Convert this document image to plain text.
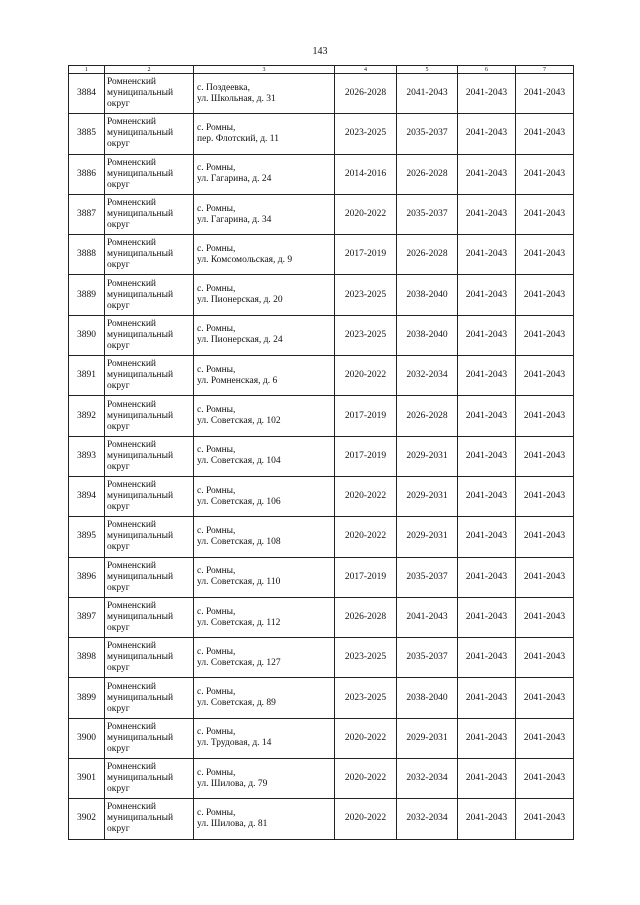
143
1	2	3	4	5	6	7
3884	Ромненский
муниципальный
округ	с. Поздеевка,
ул. Школьная, д. 31	2026-2028	2041-2043	2041-2043	2041-2043
3885	Ромненский
муниципальный
округ	с. Ромны,
пер. Флотский, д. 11	2023-2025	2035-2037	2041-2043	2041-2043
3886	Ромненский
муниципальный
округ	с. Ромны,
ул. Гагарина, д. 24	2014-2016	2026-2028	2041-2043	2041-2043
3887	Ромненский
муниципальный
округ	с. Ромны,
ул. Гагарина, д. 34	2020-2022	2035-2037	2041-2043	2041-2043
3888	Ромненский
муниципальный
округ	с. Ромны,
ул. Комсомольская, д. 9	2017-2019	2026-2028	2041-2043	2041-2043
3889	Ромненский
муниципальный
округ	с. Ромны,
ул. Пионерская, д. 20	2023-2025	2038-2040	2041-2043	2041-2043
3890	Ромненский
муниципальный
округ	с. Ромны,
ул. Пионерская, д. 24	2023-2025	2038-2040	2041-2043	2041-2043
3891	Ромненский
муниципальный
округ	с. Ромны,
ул. Ромненская, д. 6	2020-2022	2032-2034	2041-2043	2041-2043
3892	Ромненский
муниципальный
округ	с. Ромны,
ул. Советская, д. 102	2017-2019	2026-2028	2041-2043	2041-2043
3893	Ромненский
муниципальный
округ	с. Ромны,
ул. Советская, д. 104	2017-2019	2029-2031	2041-2043	2041-2043
3894	Ромненский
муниципальный
округ	с. Ромны,
ул. Советская, д. 106	2020-2022	2029-2031	2041-2043	2041-2043
3895	Ромненский
муниципальный
округ	с. Ромны,
ул. Советская, д. 108	2020-2022	2029-2031	2041-2043	2041-2043
3896	Ромненский
муниципальный
округ	с. Ромны,
ул. Советская, д. 110	2017-2019	2035-2037	2041-2043	2041-2043
3897	Ромненский
муниципальный
округ	с. Ромны,
ул. Советская, д. 112	2026-2028	2041-2043	2041-2043	2041-2043
3898	Ромненский
муниципальный
округ	с. Ромны,
ул. Советская, д. 127	2023-2025	2035-2037	2041-2043	2041-2043
3899	Ромненский
муниципальный
округ	с. Ромны,
ул. Советская, д. 89	2023-2025	2038-2040	2041-2043	2041-2043
3900	Ромненский
муниципальный
округ	с. Ромны,
ул. Трудовая, д. 14	2020-2022	2029-2031	2041-2043	2041-2043
3901	Ромненский
муниципальный
округ	с. Ромны,
ул. Шилова, д. 79	2020-2022	2032-2034	2041-2043	2041-2043
3902	Ромненский
муниципальный
округ	с. Ромны,
ул. Шилова, д. 81	2020-2022	2032-2034	2041-2043	2041-2043
